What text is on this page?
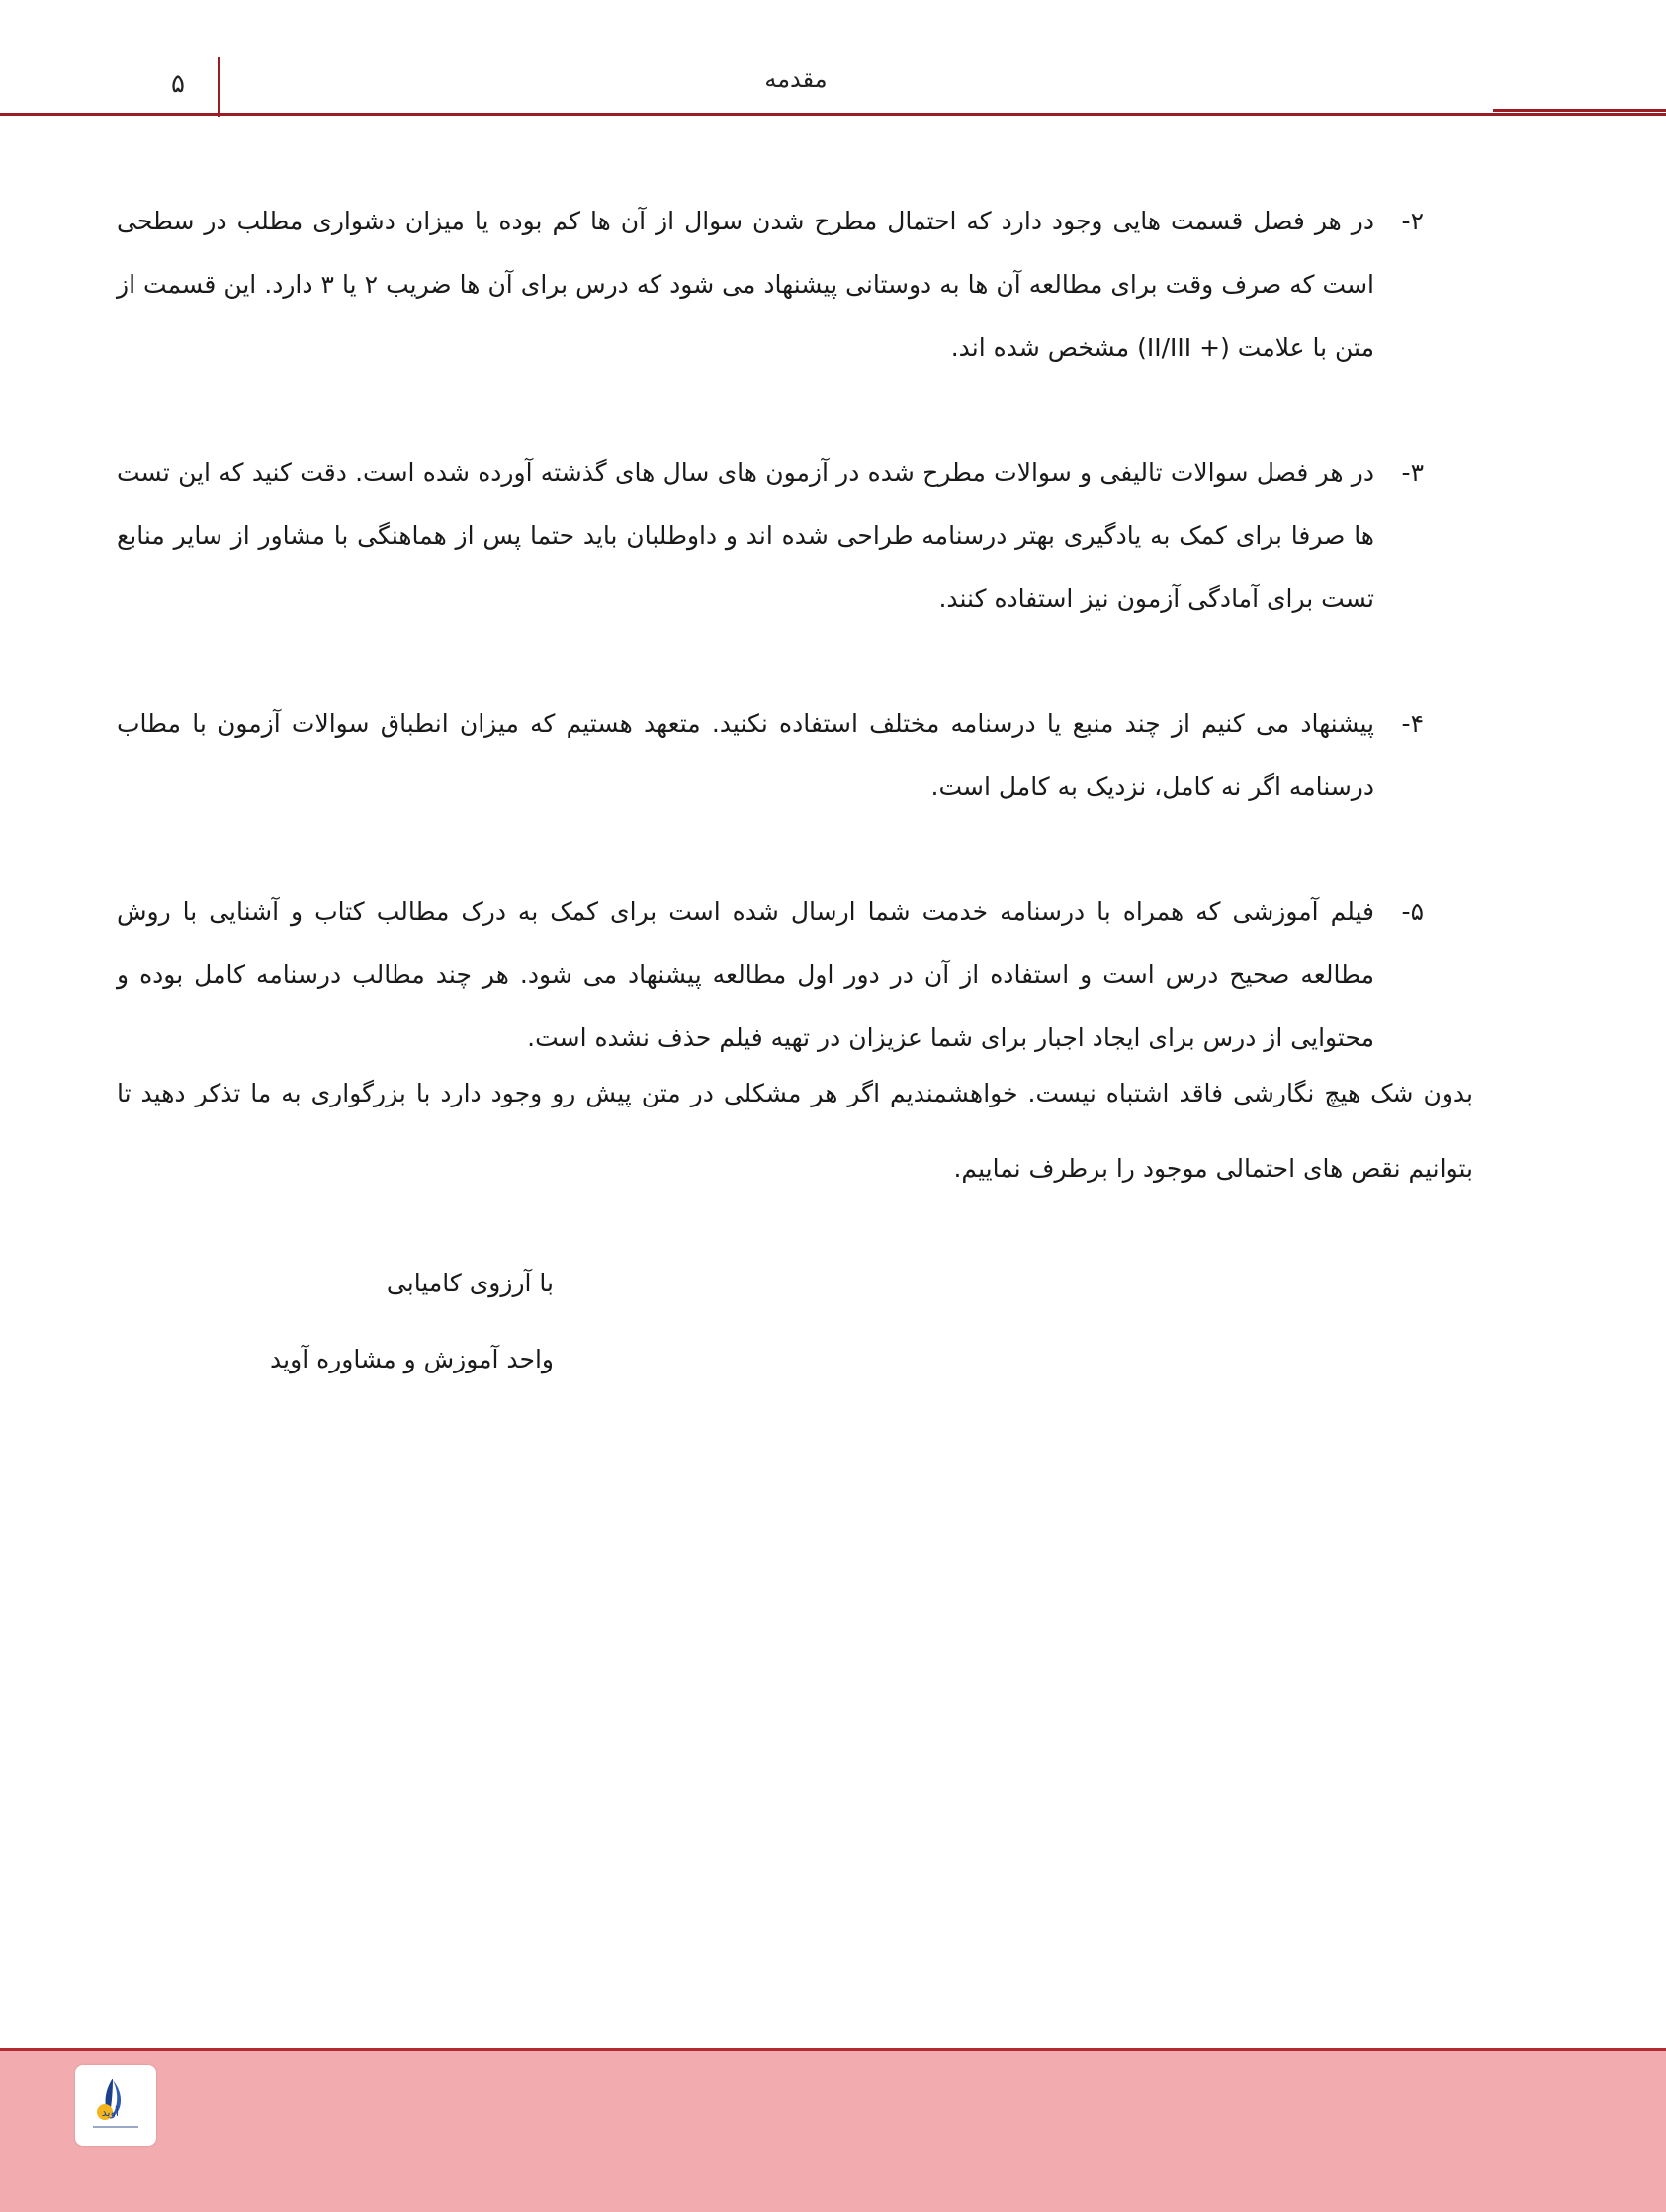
۵	مقدمه
۲-
در هر فصل قسمت هایی وجود دارد که احتمال مطرح شدن سوال از آن ها کم بوده یا میزان دشواری مطلب در سطحی است که صرف وقت برای مطالعه آن ها به دوستانی پیشنهاد می شود که درس برای آن ها ضریب ۲ یا ۳ دارد. این قسمت از متن با علامت (+ II/III) مشخص شده اند.
۳-
در هر فصل سوالات تالیفی و سوالات مطرح شده در آزمون های سال های گذشته آورده شده است. دقت کنید که این تست ها صرفا برای کمک به یادگیری بهتر درسنامه طراحی شده اند و داوطلبان باید حتما پس از هماهنگی با مشاور از سایر منابع تست برای آمادگی آزمون نیز استفاده کنند.
۴-
پیشنهاد می کنیم از چند منبع یا درسنامه مختلف استفاده نکنید. متعهد هستیم که میزان انطباق سوالات آزمون با مطاب درسنامه اگر نه کامل، نزدیک به کامل است.
۵-
فیلم آموزشی که همراه با درسنامه خدمت شما ارسال شده است برای کمک به درک مطالب کتاب و آشنایی با روش مطالعه صحیح درس است و استفاده از آن در دور اول مطالعه پیشنهاد می شود. هر چند مطالب درسنامه کامل بوده و محتوایی از درس برای ایجاد اجبار برای شما عزیزان در تهیه فیلم حذف نشده است.
بدون شک هیچ نگارشی فاقد اشتباه نیست. خواهشمندیم اگر هر مشکلی در متن پیش رو وجود دارد با بزرگواری به ما تذکر دهید تا بتوانیم نقص های احتمالی موجود را برطرف نماییم.
با آرزوی کامیابی
واحد آموزش و مشاوره آوید
آوید
